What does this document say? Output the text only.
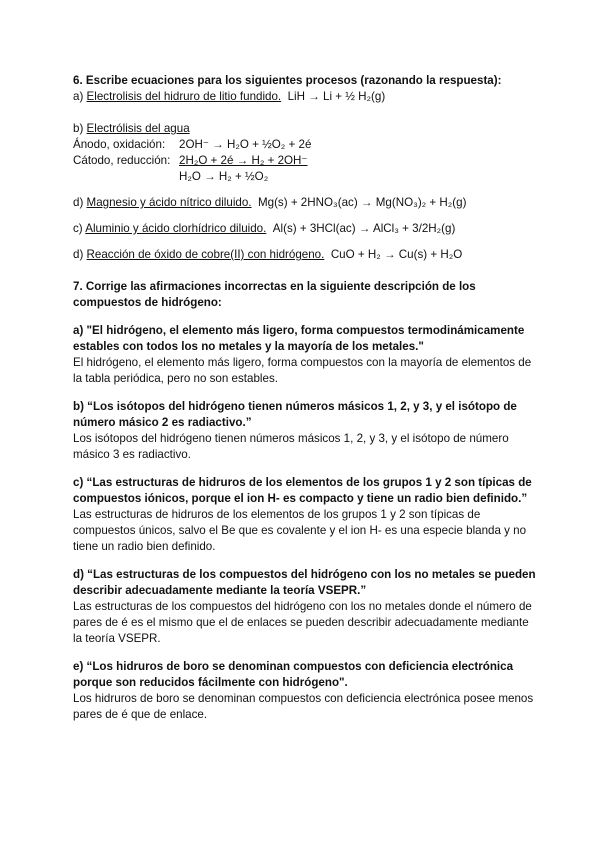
6. Escribe ecuaciones para los siguientes procesos (razonando la respuesta):

a) Electrolisis del hidruro de litio fundido. LiH → Li + ½ H₂(g)

b) Electrólisis del agua

Ánodo, oxidación: 2OH⁻ → H₂O + ½O₂ + 2é

Cátodo, reducción: 2H₂O + 2é → H₂ + 2OH⁻

H₂O → H₂ + ½O₂

d) Magnesio y ácido nítrico diluido. Mg(s) + 2HNO₃(ac) → Mg(NO₃)₂ + H₂(g)

c) Aluminio y ácido clorhídrico diluido. Al(s) + 3HCl(ac) → AlCl₃ + 3/2H₂(g)

d) Reacción de óxido de cobre(II) con hidrógeno. CuO + H₂ → Cu(s) + H₂O

7. Corrige las afirmaciones incorrectas en la siguiente descripción de los compuestos de hidrógeno:

a) "El hidrógeno, el elemento más ligero, forma compuestos termodinámicamente estables con todos los no metales y la mayoría de los metales."

El hidrógeno, el elemento más ligero, forma compuestos con la mayoría de elementos de la tabla periódica, pero no son estables.

b) “Los isótopos del hidrógeno tienen números másicos 1, 2, y 3, y el isótopo de número másico 2 es radiactivo.”

Los isótopos del hidrógeno tienen números másicos 1, 2, y 3, y el isótopo de número másico 3 es radiactivo.

c) “Las estructuras de hidruros de los elementos de los grupos 1 y 2 son típicas de compuestos iónicos, porque el ion H- es compacto y tiene un radio bien definido.”

Las estructuras de hidruros de los elementos de los grupos 1 y 2 son típicas de compuestos únicos, salvo el Be que es covalente y el ion H- es una especie blanda y no tiene un radio bien definido.

d) “Las estructuras de los compuestos del hidrógeno con los no metales se pueden describir adecuadamente mediante la teoría VSEPR.”

Las estructuras de los compuestos del hidrógeno con los no metales donde el número de pares de é es el mismo que el de enlaces se pueden describir adecuadamente mediante la teoría VSEPR.

e) “Los hidruros de boro se denominan compuestos con deficiencia electrónica porque son reducidos fácilmente con hidrógeno".

Los hidruros de boro se denominan compuestos con deficiencia electrónica posee menos pares de é que de enlace.
